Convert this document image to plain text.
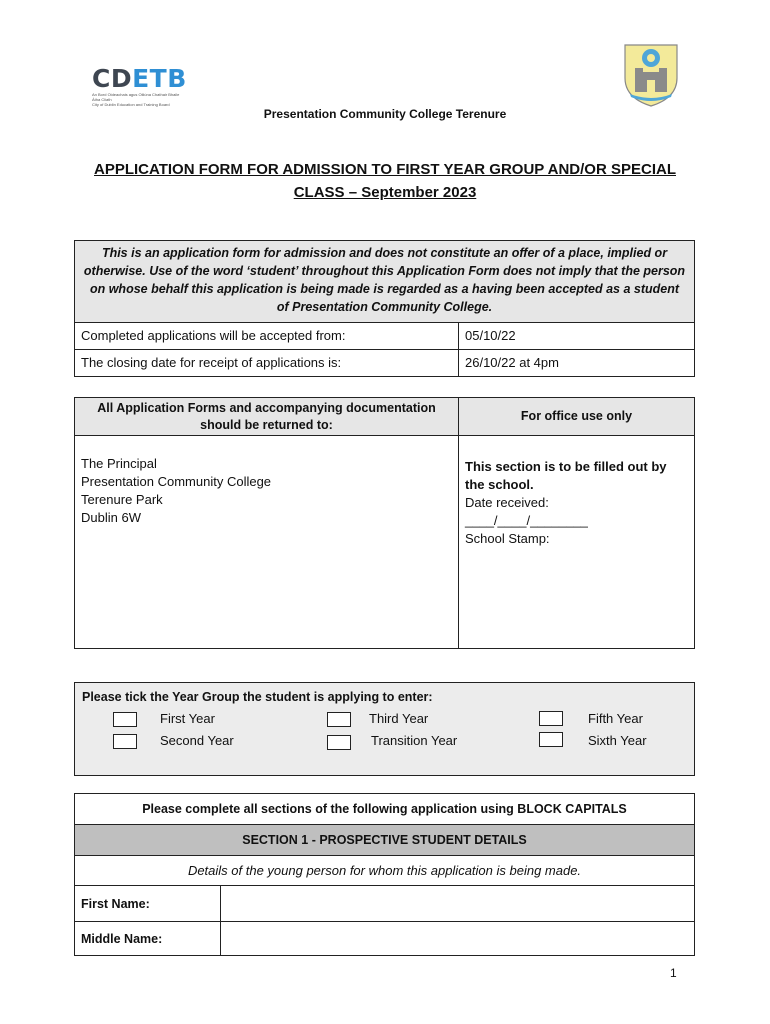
CDETB
An Bord Oideachais agus Oiliúna Chathair Bhaile Átha Cliath
City of Dublin Education and Training Board
Presentation Community College Terenure
APPLICATION FORM FOR ADMISSION TO FIRST YEAR GROUP AND/OR SPECIAL
CLASS – September 2023
This is an application form for admission and does not constitute an offer of a place, implied or otherwise. Use of the word ‘student’ throughout this Application Form does not imply that the person on whose behalf this application is being made is regarded as a having been accepted as a student of Presentation Community College.
Completed applications will be accepted from:	05/10/22
The closing date for receipt of applications is:	26/10/22 at 4pm
All Application Forms and accompanying documentation should be returned to:
The Principal
Presentation Community College
Terenure Park
Dublin 6W
For office use only
This section is to be filled out by the school.
Date received:
____/____/________
School Stamp:
Please tick the Year Group the student is applying to enter:
First Year
Second Year
Third Year
Transition Year
Fifth Year
Sixth Year
Please complete all sections of the following application using BLOCK CAPITALS
SECTION 1 - PROSPECTIVE STUDENT DETAILS
Details of the young person for whom this application is being made.
First Name:
Middle Name:
1
